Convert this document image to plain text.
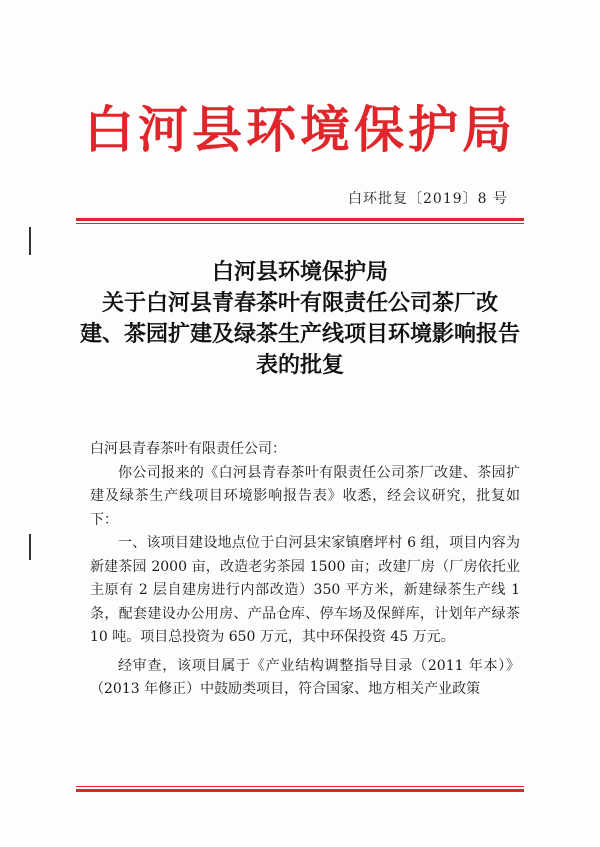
白河县环境保护局
白环批复〔2019〕8 号
白河县环境保护局
关于白河县青春茶叶有限责任公司茶厂改
建、茶园扩建及绿茶生产线项目环境影响报告
表的批复

白河县青春茶叶有限责任公司：

你公司报来的《白河县青春茶叶有限责任公司茶厂改建、茶园扩建及绿茶生产线项目环境影响报告表》收悉，经会议研究，批复如下：

一、该项目建设地点位于白河县宋家镇磨坪村 6 组，项目内容为新建茶园 2000 亩，改造老劣茶园 1500 亩；改建厂房（厂房依托业主原有 2 层自建房进行内部改造）350 平方米，新建绿茶生产线 1 条，配套建设办公用房、产品仓库、停车场及保鲜库，计划年产绿茶 10 吨。项目总投资为 650 万元，其中环保投资 45 万元。

经审查，该项目属于《产业结构调整指导目录（2011 年本）》（2013 年修正）中鼓励类项目，符合国家、地方相关产业政策
